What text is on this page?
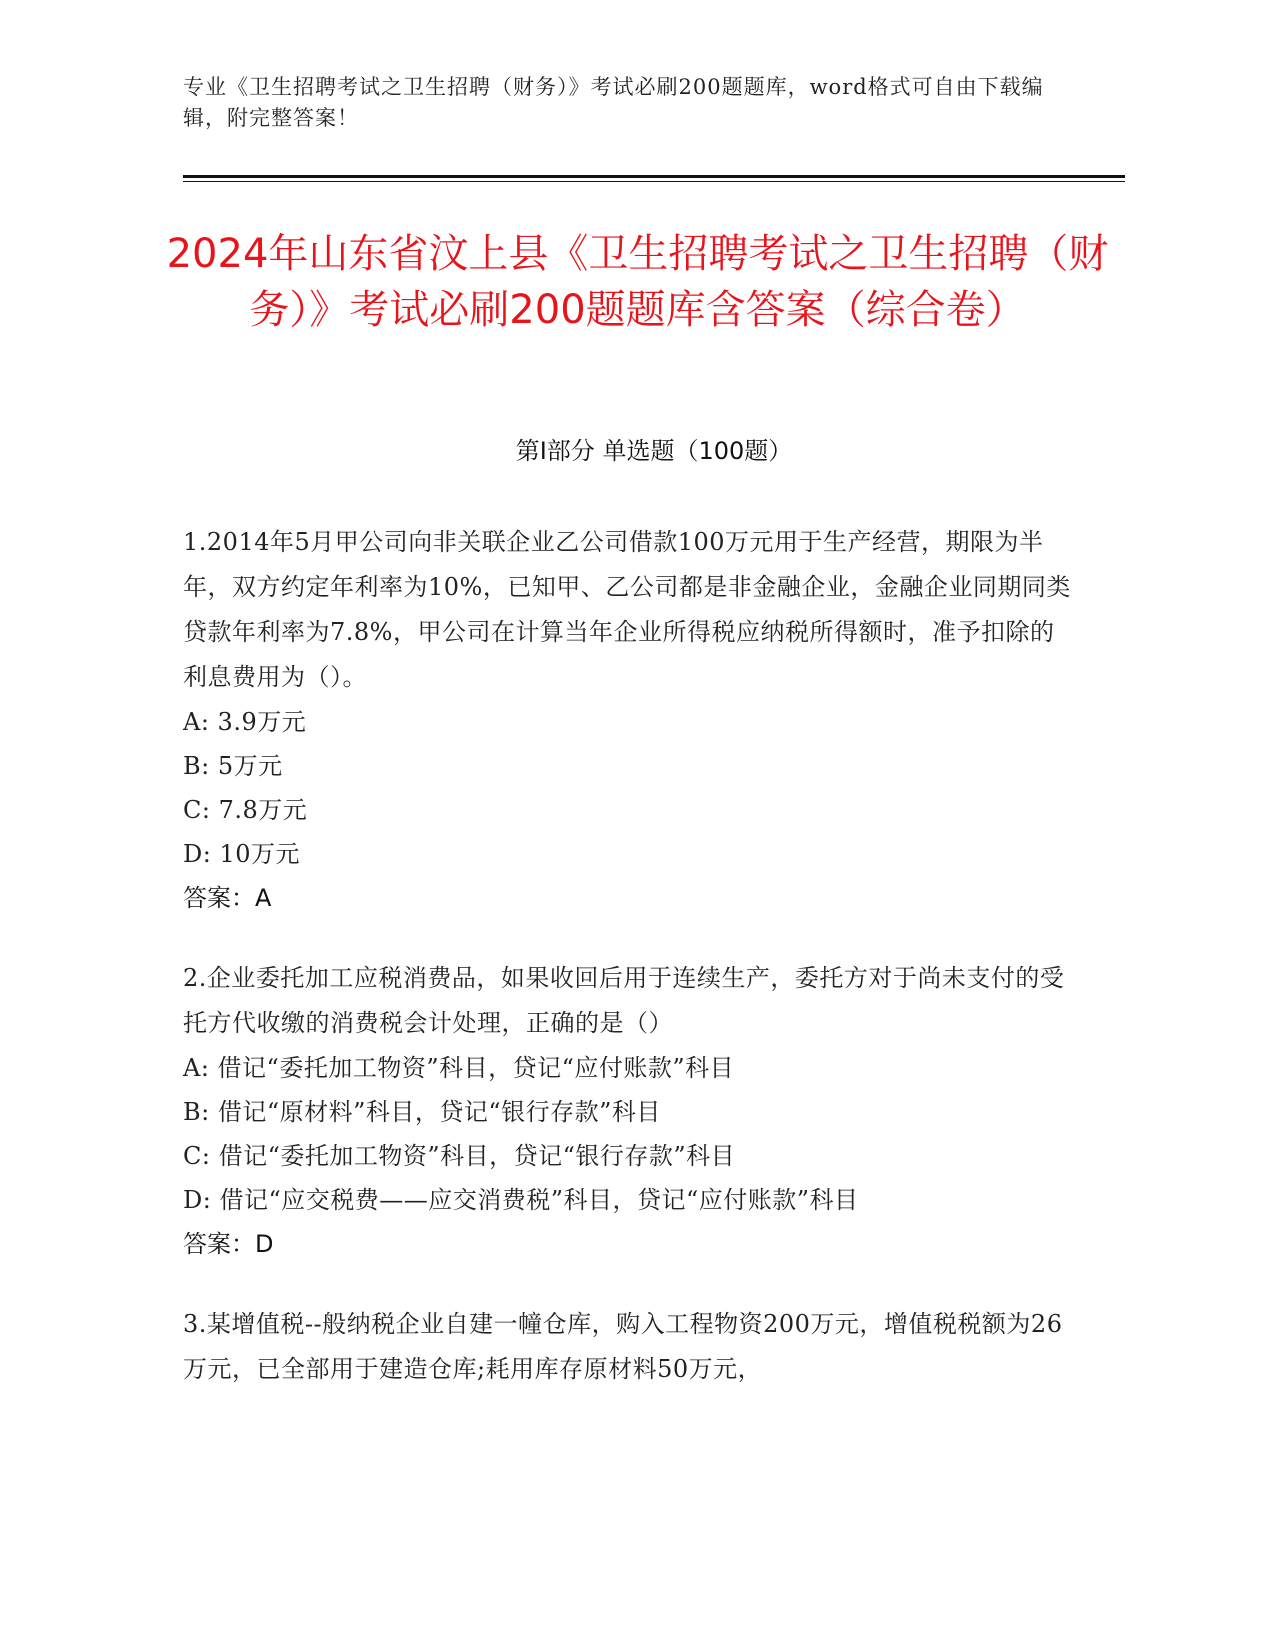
专业《卫生招聘考试之卫生招聘（财务）》考试必刷200题题库，word格式可自由下载编辑，附完整答案！
2024年山东省汶上县《卫生招聘考试之卫生招聘（财务）》考试必刷200题题库含答案（综合卷）
第I部分 单选题（100题）
1.2014年5月甲公司向非关联企业乙公司借款100万元用于生产经营，期限为半年，双方约定年利率为10%，已知甲、乙公司都是非金融企业，金融企业同期同类贷款年利率为7.8%，甲公司在计算当年企业所得税应纳税所得额时，准予扣除的利息费用为（）。
A: 3.9万元
B: 5万元
C: 7.8万元
D: 10万元
答案：A
2.企业委托加工应税消费品，如果收回后用于连续生产，委托方对于尚未支付的受托方代收缴的消费税会计处理，正确的是（）
A: 借记“委托加工物资”科目，贷记“应付账款”科目
B: 借记“原材料”科目，贷记“银行存款”科目
C: 借记“委托加工物资”科目，贷记“银行存款”科目
D: 借记“应交税费——应交消费税”科目，贷记“应付账款”科目
答案：D
3.某增值税--般纳税企业自建一幢仓库，购入工程物资200万元，增值税税额为26万元，已全部用于建造仓库;耗用库存原材料50万元，
